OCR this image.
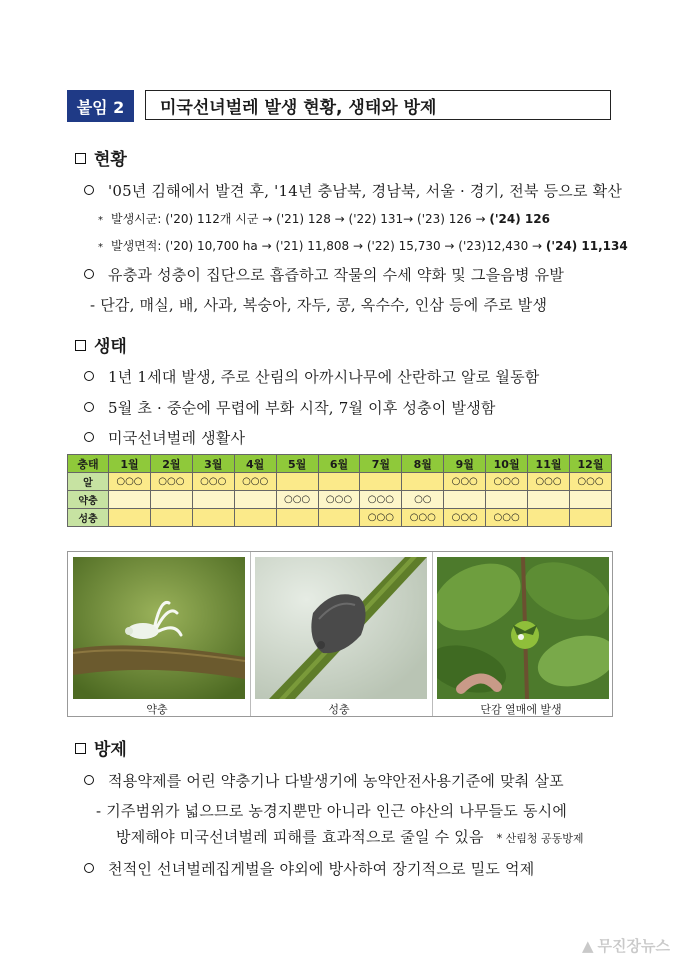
붙임 2	미국선녀벌레 발생 현황, 생태와 방제
현황
'05년 김해에서 발견 후, '14년 충남북, 경남북, 서울 · 경기, 전북 등으로 확산
* 발생시군: ('20) 112개 시군 → ('21) 128 → ('22) 131→ ('23) 126 → ('24) 126
* 발생면적: ('20) 10,700 ha → ('21) 11,808 → ('22) 15,730 → ('23)12,430 → ('24) 11,134
유충과 성충이 집단으로 흡즙하고 작물의 수세 약화 및 그을음병 유발
- 단감, 매실, 배, 사과, 복숭아, 자두, 콩, 옥수수, 인삼 등에 주로 발생
생태
1년 1세대 발생, 주로 산림의 아까시나무에 산란하고 알로 월동함
5월 초 · 중순에 무렵에 부화 시작, 7월 이후 성충이 발생함
미국선녀벌레 생활사
충태	1월	2월	3월	4월	5월	6월	7월	8월	9월	10월	11월	12월
알	○○○	○○○	○○○	○○○					○○○	○○○	○○○	○○○
약충					○○○	○○○	○○○	○○				
성충							○○○	○○○	○○○	○○○		
약충	성충	단감 열매에 발생
방제
적용약제를 어린 약충기나 다발생기에 농약안전사용기준에 맞춰 살포
- 기주범위가 넓으므로 농경지뿐만 아니라 인근 야산의 나무들도 동시에
방제해야 미국선녀벌레 피해를 효과적으로 줄일 수 있음 * 산림청 공동방제
천적인 선녀벌레집게벌을 야외에 방사하여 장기적으로 밀도 억제
▲ 무진장뉴스
